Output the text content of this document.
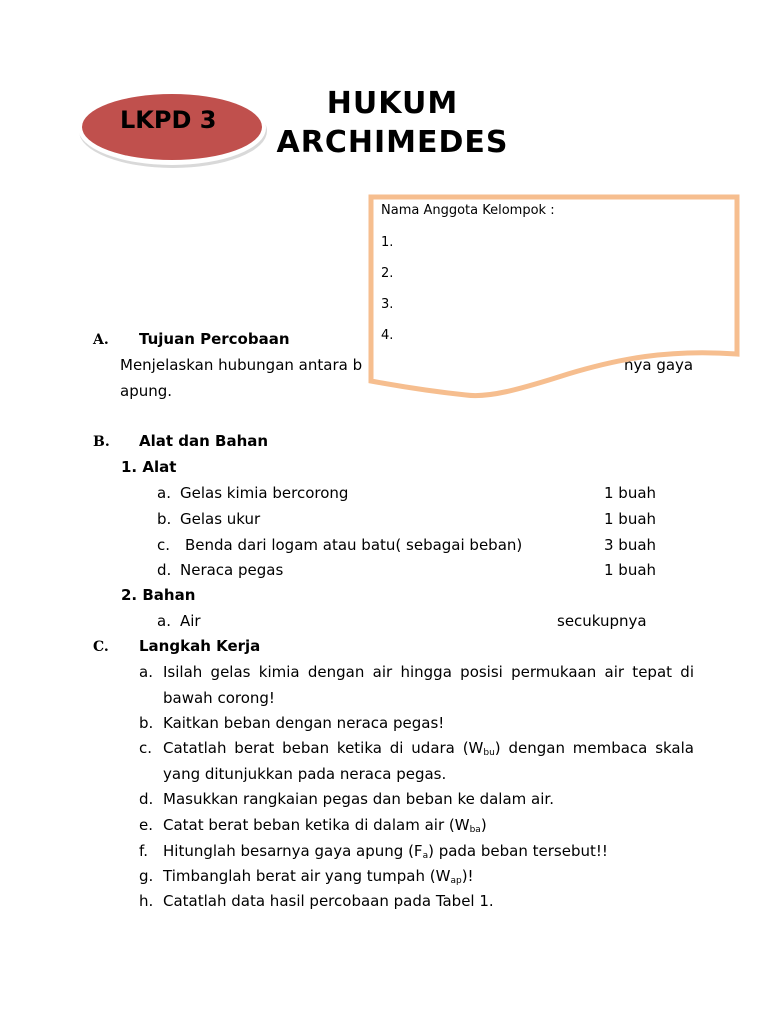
LKPD 3	HUKUM
ARCHIMEDES
A. Tujuan Percobaan
Menjelaskan hubungan antara b	nya gaya
apung.
Nama Anggota Kelompok :
1.
2.
3.
4.
B. Alat dan Bahan
1. Alat
a. Gelas kimia bercorong	1 buah
b. Gelas ukur	1 buah
c. Benda dari logam atau batu( sebagai beban)	3 buah
d. Neraca pegas	1 buah
2. Bahan
a. Air	secukupnya
C. Langkah Kerja
a. Isilah gelas kimia dengan air hingga posisi permukaan air tepat di
bawah corong!
b. Kaitkan beban dengan neraca pegas!
c. Catatlah berat beban ketika di udara $(W_{bu})$ dengan membaca skala
yang ditunjukkan pada neraca pegas.
d. Masukkan rangkaian pegas dan beban ke dalam air.
e. Catat berat beban ketika di dalam air $(W_{ba})$
f. Hitunglah besarnya gaya apung $(F_a)$ pada beban tersebut!!
g. Timbanglah berat air yang tumpah $(W_{ap})$!
h. Catatlah data hasil percobaan pada Tabel 1.
